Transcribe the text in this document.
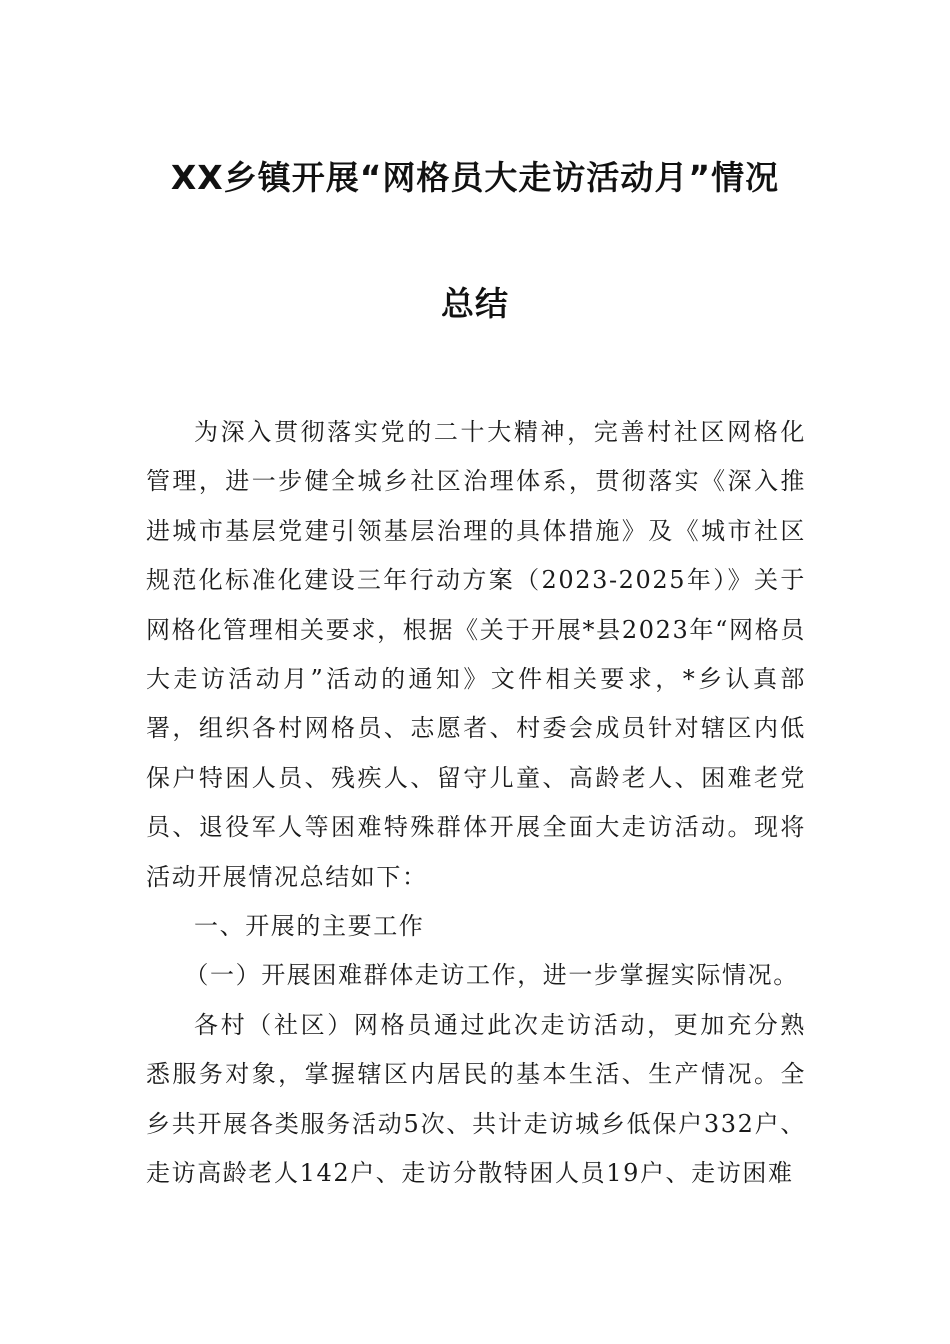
XX乡镇开展“网格员大走访活动月”情况
总结

为深入贯彻落实党的二十大精神，完善村社区网格化管理，进一步健全城乡社区治理体系，贯彻落实《深入推进城市基层党建引领基层治理的具体措施》及《城市社区规范化标准化建设三年行动方案（2023-2025年）》关于网格化管理相关要求，根据《关于开展*县2023年“网格员大走访活动月”活动的通知》文件相关要求，*乡认真部署，组织各村网格员、志愿者、村委会成员针对辖区内低保户特困人员、残疾人、留守儿童、高龄老人、困难老党员、退役军人等困难特殊群体开展全面大走访活动。现将活动开展情况总结如下：

一、开展的主要工作

（一）开展困难群体走访工作，进一步掌握实际情况。

各村（社区）网格员通过此次走访活动，更加充分熟悉服务对象，掌握辖区内居民的基本生活、生产情况。全乡共开展各类服务活动5次、共计走访城乡低保户332户、走访高龄老人142户、走访分散特困人员19户、走访困难
